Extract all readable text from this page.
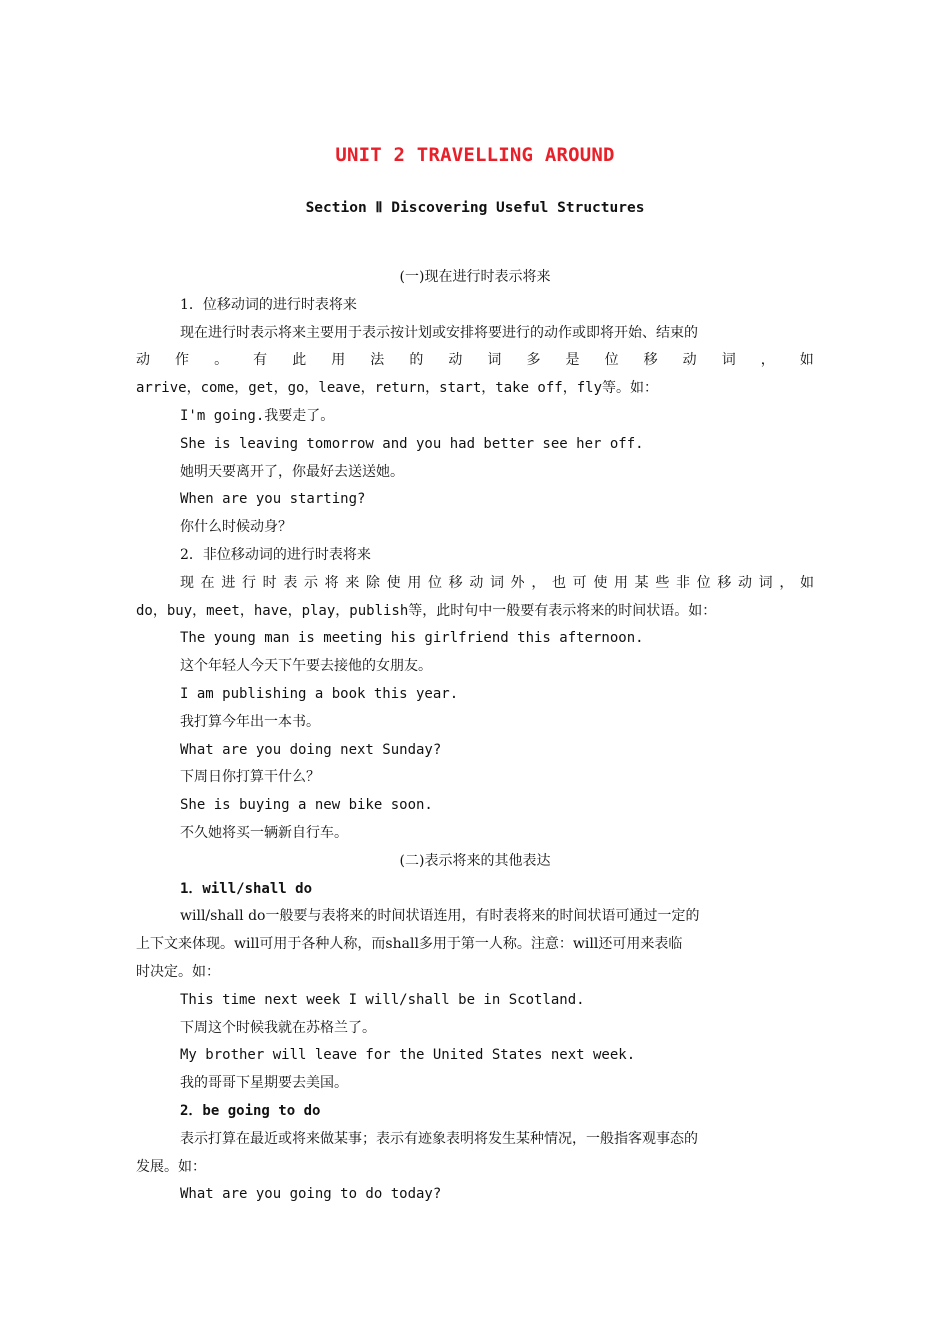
UNIT 2 TRAVELLING AROUND
Section Ⅱ Discovering Useful Structures
(一)现在进行时表示将来
1．位移动词的进行时表将来
现在进行时表示将来主要用于表示按计划或安排将要进行的动作或即将开始、结束的
动 作 。 有 此 用 法 的 动 词 多 是 位 移 动 词 ， 如
arrive，come，get，go，leave，return，start，take off，fly等。如：
I'm going.我要走了。
She is leaving tomorrow and you had better see her off.
她明天要离开了，你最好去送送她。
When are you starting?
你什么时候动身？
2．非位移动词的进行时表将来
现在进行时表示将来除使用位移动词外，也可使用某些非位移动词，如
do，buy，meet，have，play，publish等，此时句中一般要有表示将来的时间状语。如：
The young man is meeting his girlfriend this afternoon.
这个年轻人今天下午要去接他的女朋友。
I am publishing a book this year.
我打算今年出一本书。
What are you doing next Sunday?
下周日你打算干什么？
She is buying a new bike soon.
不久她将买一辆新自行车。
(二)表示将来的其他表达
1．will/shall do
will/shall do一般要与表将来的时间状语连用，有时表将来的时间状语可通过一定的
上下文来体现。will可用于各种人称，而shall多用于第一人称。注意：will还可用来表临
时决定。如：
This time next week I will/shall be in Scotland.
下周这个时候我就在苏格兰了。
My brother will leave for the United States next week.
我的哥哥下星期要去美国。
2．be going to do
表示打算在最近或将来做某事；表示有迹象表明将发生某种情况，一般指客观事态的
发展。如：
What are you going to do today?
